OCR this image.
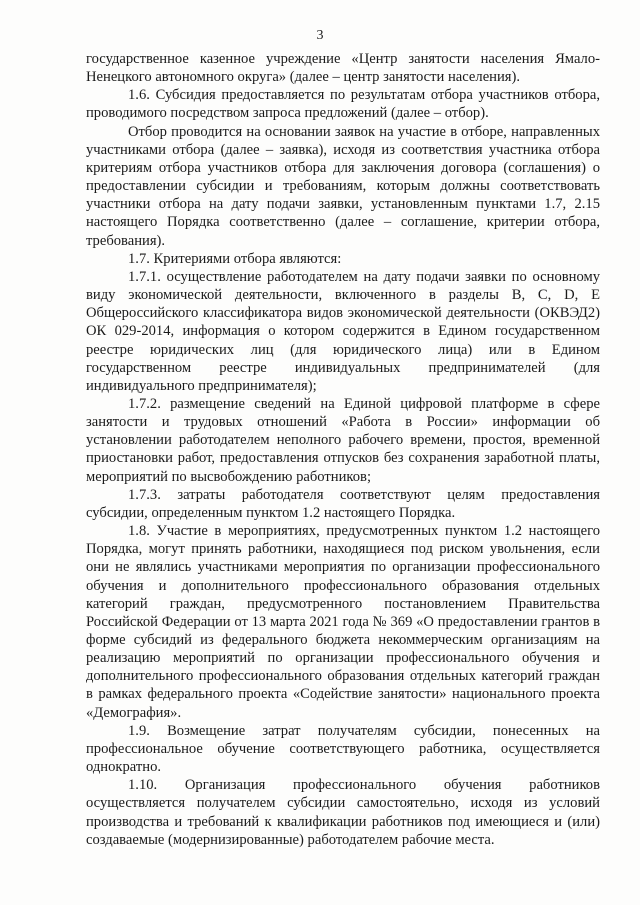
3

государственное казенное учреждение «Центр занятости населения Ямало-Ненецкого автономного округа» (далее – центр занятости населения).

1.6. Субсидия предоставляется по результатам отбора участников отбора, проводимого посредством запроса предложений (далее – отбор).

Отбор проводится на основании заявок на участие в отборе, направленных участниками отбора (далее – заявка), исходя из соответствия участника отбора критериям отбора участников отбора для заключения договора (соглашения) о предоставлении субсидии и требованиям, которым должны соответствовать участники отбора на дату подачи заявки, установленным пунктами 1.7, 2.15 настоящего Порядка соответственно (далее – соглашение, критерии отбора, требования).

1.7. Критериями отбора являются:

1.7.1. осуществление работодателем на дату подачи заявки по основному виду экономической деятельности, включенного в разделы B, C, D, E Общероссийского классификатора видов экономической деятельности (ОКВЭД2) ОК 029-2014, информация о котором содержится в Едином государственном реестре юридических лиц (для юридического лица) или в Едином государственном реестре индивидуальных предпринимателей (для индивидуального предпринимателя);

1.7.2. размещение сведений на Единой цифровой платформе в сфере занятости и трудовых отношений «Работа в России» информации об установлении работодателем неполного рабочего времени, простоя, временной приостановки работ, предоставления отпусков без сохранения заработной платы, мероприятий по высвобождению работников;

1.7.3. затраты работодателя соответствуют целям предоставления субсидии, определенным пунктом 1.2 настоящего Порядка.

1.8. Участие в мероприятиях, предусмотренных пунктом 1.2 настоящего Порядка, могут принять работники, находящиеся под риском увольнения, если они не являлись участниками мероприятия по организации профессионального обучения и дополнительного профессионального образования отдельных категорий граждан, предусмотренного постановлением Правительства Российской Федерации от 13 марта 2021 года № 369 «О предоставлении грантов в форме субсидий из федерального бюджета некоммерческим организациям на реализацию мероприятий по организации профессионального обучения и дополнительного профессионального образования отдельных категорий граждан в рамках федерального проекта «Содействие занятости» национального проекта «Демография».

1.9. Возмещение затрат получателям субсидии, понесенных на профессиональное обучение соответствующего работника, осуществляется однократно.

1.10. Организация профессионального обучения работников осуществляется получателем субсидии самостоятельно, исходя из условий производства и требований к квалификации работников под имеющиеся и (или) создаваемые (модернизированные) работодателем рабочие места.
